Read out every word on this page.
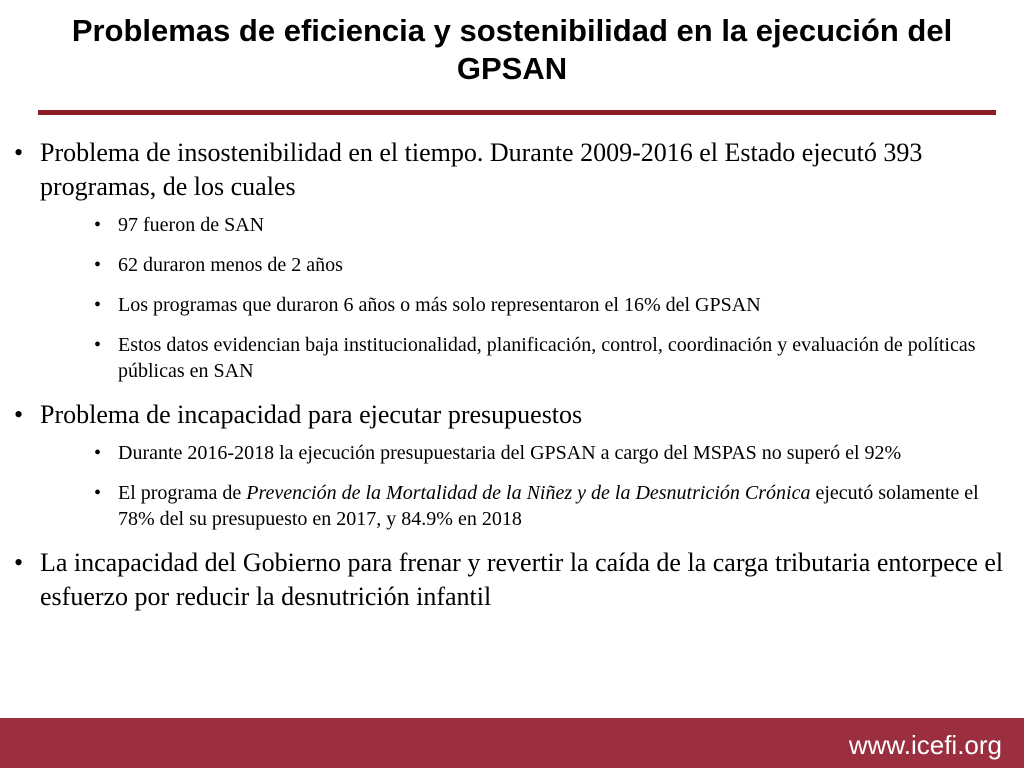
Problemas de eficiencia y sostenibilidad en la ejecución del GPSAN
• Problema de insostenibilidad en el tiempo. Durante 2009-2016 el Estado ejecutó 393 programas, de los cuales
• 97 fueron de SAN
• 62 duraron menos de 2 años
• Los programas que duraron 6 años o más solo representaron el 16% del GPSAN
• Estos datos evidencian baja institucionalidad, planificación, control, coordinación y evaluación de políticas públicas en SAN
• Problema de incapacidad para ejecutar presupuestos
• Durante 2016-2018 la ejecución presupuestaria del GPSAN a cargo del MSPAS no superó el 92%
• El programa de Prevención de la Mortalidad de la Niñez y de la Desnutrición Crónica ejecutó solamente el 78% del su presupuesto en 2017, y 84.9% en 2018
• La incapacidad del Gobierno para frenar y revertir la caída de la carga tributaria entorpece el esfuerzo por reducir la desnutrición infantil
www.icefi.org
